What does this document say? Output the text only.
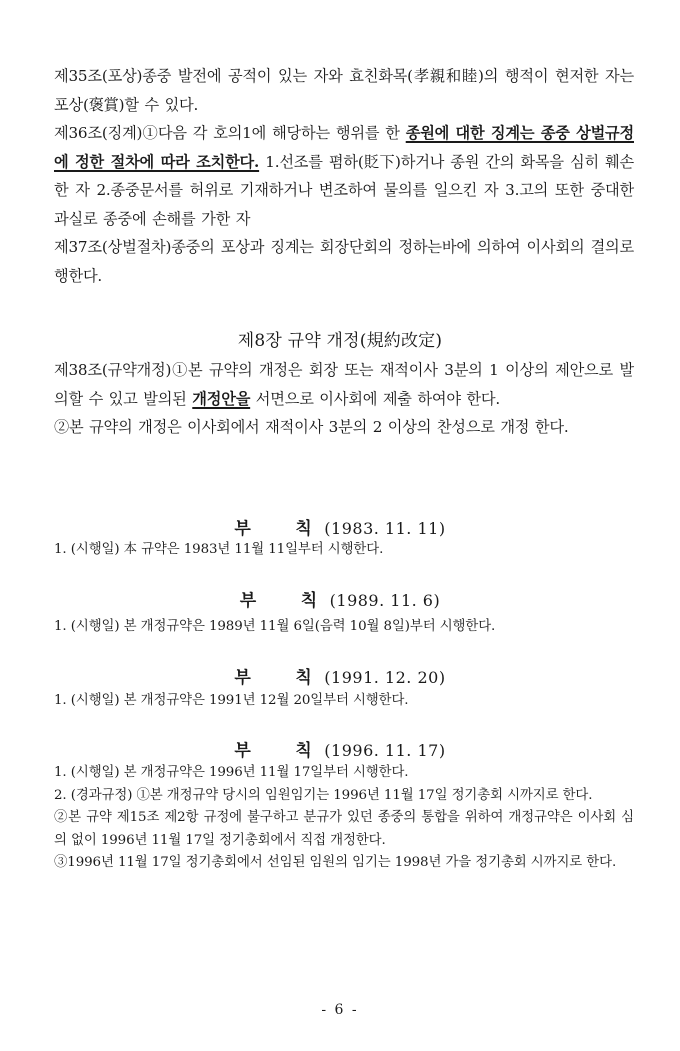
제35조(포상)종중 발전에 공적이 있는 자와 효친화목(孝親和睦)의 행적이 현저한 자는 포상(褒賞)할 수 있다.
제36조(징계)①다음 각 호의1에 해당하는 행위를 한 종원에 대한 징계는 종중 상벌규정에 정한 절차에 따라 조치한다. 1.선조를 폄하(貶下)하거나 종원 간의 화목을 심히 훼손한 자 2.종중문서를 허위로 기재하거나 변조하여 물의를 일으킨 자 3.고의 또한 중대한 과실로 종중에 손해를 가한 자
제37조(상벌절차)종중의 포상과 징계는 회장단회의 정하는바에 의하여 이사회의 결의로 행한다.
제8장 규약 개정(規約改定)
제38조(규약개정)①본 규약의 개정은 회장 또는 재적이사 3분의 1 이상의 제안으로 발의할 수 있고 발의된 개정안을 서면으로 이사회에 제출 하여야 한다.
②본 규약의 개정은 이사회에서 재적이사 3분의 2 이상의 찬성으로 개정 한다.
부	칙 (1983. 11. 11)
1. (시행일) 本 규약은 1983년 11월 11일부터 시행한다.
부	칙 (1989. 11. 6)
1. (시행일) 본 개정규약은 1989년 11월 6일(음력 10월 8일)부터 시행한다.
부	칙 (1991. 12. 20)
1. (시행일) 본 개정규약은 1991년 12월 20일부터 시행한다.
부	칙 (1996. 11. 17)
1. (시행일) 본 개정규약은 1996년 11월 17일부터 시행한다.
2. (경과규정) ①본 개정규약 당시의 임원임기는 1996년 11월 17일 정기총회 시까지로 한다.
②본 규약 제15조 제2항 규정에 불구하고 분규가 있던 종중의 통합을 위하여 개정규약은 이사회 심의 없이 1996년 11월 17일 정기총회에서 직접 개정한다.
③1996년 11월 17일 정기총회에서 선임된 임원의 임기는 1998년 가을 정기총회 시까지로 한다.
- 6 -
